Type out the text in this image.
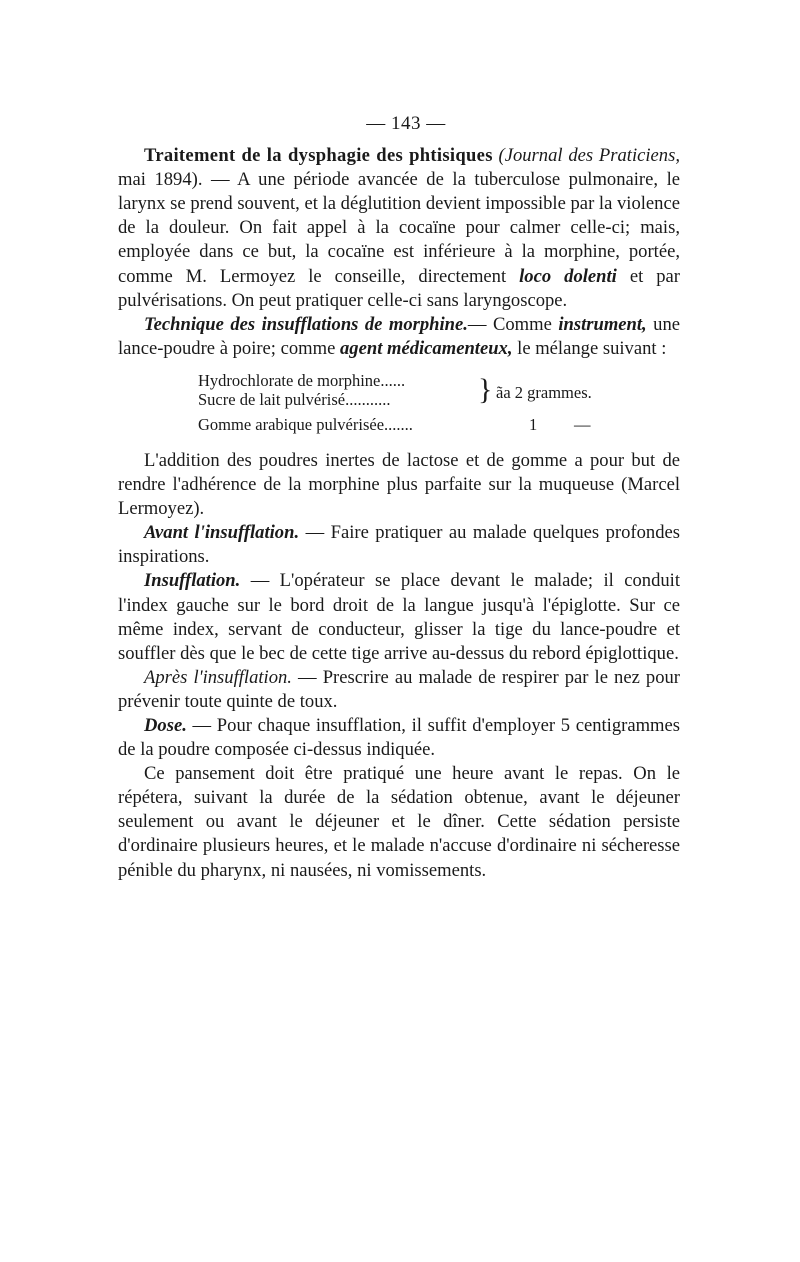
— 143 —

Traitement de la dysphagie des phtisiques (Journal des Praticiens, mai 1894). — A une période avancée de la tuberculose pulmonaire, le larynx se prend souvent, et la déglutition devient impossible par la violence de la douleur. On fait appel à la cocaïne pour calmer celle-ci; mais, employée dans ce but, la cocaïne est inférieure à la morphine, portée, comme M. Lermoyez le conseille, directement loco dolenti et par pulvérisations. On peut pratiquer celle-ci sans laryngoscope.

Technique des insufflations de morphine.— Comme instrument, une lance-poudre à poire; comme agent médicamenteux, le mélange suivant :

Hydrochlorate de morphine......
Sucre de lait pulvérisé...........
Gomme arabique pulvérisée.......
} ãa 2 grammes.
1 —

L'addition des poudres inertes de lactose et de gomme a pour but de rendre l'adhérence de la morphine plus parfaite sur la muqueuse (Marcel Lermoyez).

Avant l'insufflation. — Faire pratiquer au malade quelques profondes inspirations.

Insufflation. — L'opérateur se place devant le malade; il conduit l'index gauche sur le bord droit de la langue jusqu'à l'épiglotte. Sur ce même index, servant de conducteur, glisser la tige du lance-poudre et souffler dès que le bec de cette tige arrive au-dessus du rebord épiglottique.

Après l'insufflation. — Prescrire au malade de respirer par le nez pour prévenir toute quinte de toux.

Dose. — Pour chaque insufflation, il suffit d'employer 5 centigrammes de la poudre composée ci-dessus indiquée.

Ce pansement doit être pratiqué une heure avant le repas. On le répétera, suivant la durée de la sédation obtenue, avant le déjeuner seulement ou avant le déjeuner et le dîner. Cette sédation persiste d'ordinaire plusieurs heures, et le malade n'accuse d'ordinaire ni sécheresse pénible du pharynx, ni nausées, ni vomissements.
